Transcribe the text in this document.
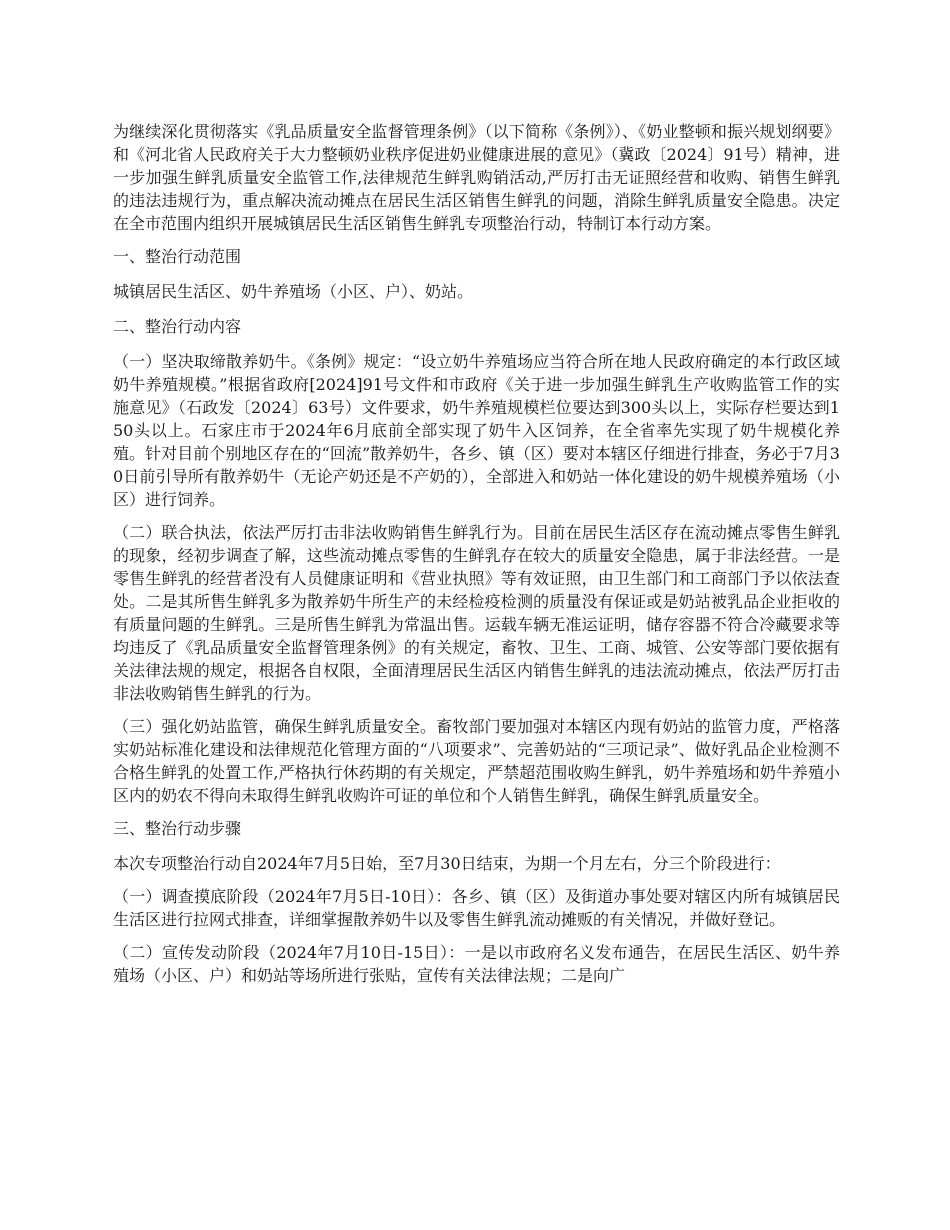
为继续深化贯彻落实《乳品质量安全监督管理条例》（以下简称《条例》）、《奶业整顿和振兴规划纲要》和《河北省人民政府关于大力整顿奶业秩序促进奶业健康进展的意见》（冀政〔2024〕91号）精神，进一步加强生鲜乳质量安全监管工作,法律规范生鲜乳购销活动,严厉打击无证照经营和收购、销售生鲜乳的违法违规行为，重点解决流动摊点在居民生活区销售生鲜乳的问题，消除生鲜乳质量安全隐患。决定在全市范围内组织开展城镇居民生活区销售生鲜乳专项整治行动，特制订本行动方案。

一、整治行动范围

城镇居民生活区、奶牛养殖场（小区、户）、奶站。

二、整治行动内容

（一）坚决取缔散养奶牛。《条例》规定：“设立奶牛养殖场应当符合所在地人民政府确定的本行政区域奶牛养殖规模。”根据省政府[2024]91号文件和市政府《关于进一步加强生鲜乳生产收购监管工作的实施意见》（石政发〔2024〕63号）文件要求，奶牛养殖规模栏位要达到300头以上，实际存栏要达到150头以上。石家庄市于2024年6月底前全部实现了奶牛入区饲养，在全省率先实现了奶牛规模化养殖。针对目前个别地区存在的“回流”散养奶牛，各乡、镇（区）要对本辖区仔细进行排查，务必于7月30日前引导所有散养奶牛（无论产奶还是不产奶的），全部进入和奶站一体化建设的奶牛规模养殖场（小区）进行饲养。

（二）联合执法，依法严厉打击非法收购销售生鲜乳行为。目前在居民生活区存在流动摊点零售生鲜乳的现象，经初步调查了解，这些流动摊点零售的生鲜乳存在较大的质量安全隐患，属于非法经营。一是零售生鲜乳的经营者没有人员健康证明和《营业执照》等有效证照，由卫生部门和工商部门予以依法查处。二是其所售生鲜乳多为散养奶牛所生产的未经检疫检测的质量没有保证或是奶站被乳品企业拒收的有质量问题的生鲜乳。三是所售生鲜乳为常温出售。运载车辆无准运证明，储存容器不符合冷藏要求等均违反了《乳品质量安全监督管理条例》的有关规定，畜牧、卫生、工商、城管、公安等部门要依据有关法律法规的规定，根据各自权限，全面清理居民生活区内销售生鲜乳的违法流动摊点，依法严厉打击非法收购销售生鲜乳的行为。

（三）强化奶站监管，确保生鲜乳质量安全。畜牧部门要加强对本辖区内现有奶站的监管力度，严格落实奶站标准化建设和法律规范化管理方面的“八项要求”、完善奶站的“三项记录”、做好乳品企业检测不合格生鲜乳的处置工作,严格执行休药期的有关规定，严禁超范围收购生鲜乳，奶牛养殖场和奶牛养殖小区内的奶农不得向未取得生鲜乳收购许可证的单位和个人销售生鲜乳，确保生鲜乳质量安全。

三、整治行动步骤

本次专项整治行动自2024年7月5日始，至7月30日结束，为期一个月左右，分三个阶段进行：

（一）调查摸底阶段（2024年7月5日-10日）：各乡、镇（区）及街道办事处要对辖区内所有城镇居民生活区进行拉网式排查，详细掌握散养奶牛以及零售生鲜乳流动摊贩的有关情况，并做好登记。

（二）宣传发动阶段（2024年7月10日-15日）：一是以市政府名义发布通告，在居民生活区、奶牛养殖场（小区、户）和奶站等场所进行张贴，宣传有关法律法规；二是向广
